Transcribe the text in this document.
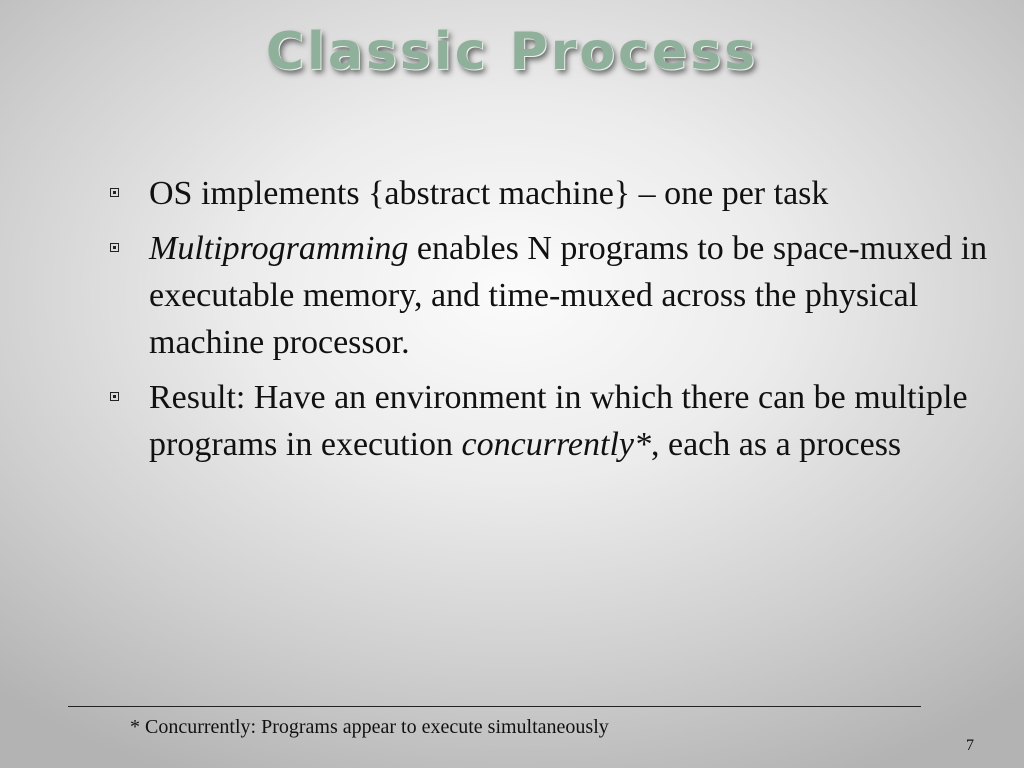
Classic Process
OS implements {abstract machine} – one per task
Multiprogramming enables N programs to be space-muxed in executable memory, and time-muxed across the physical machine processor.
Result: Have an environment in which there can be multiple programs in execution concurrently*, each as a process
* Concurrently: Programs appear to execute simultaneously
7
